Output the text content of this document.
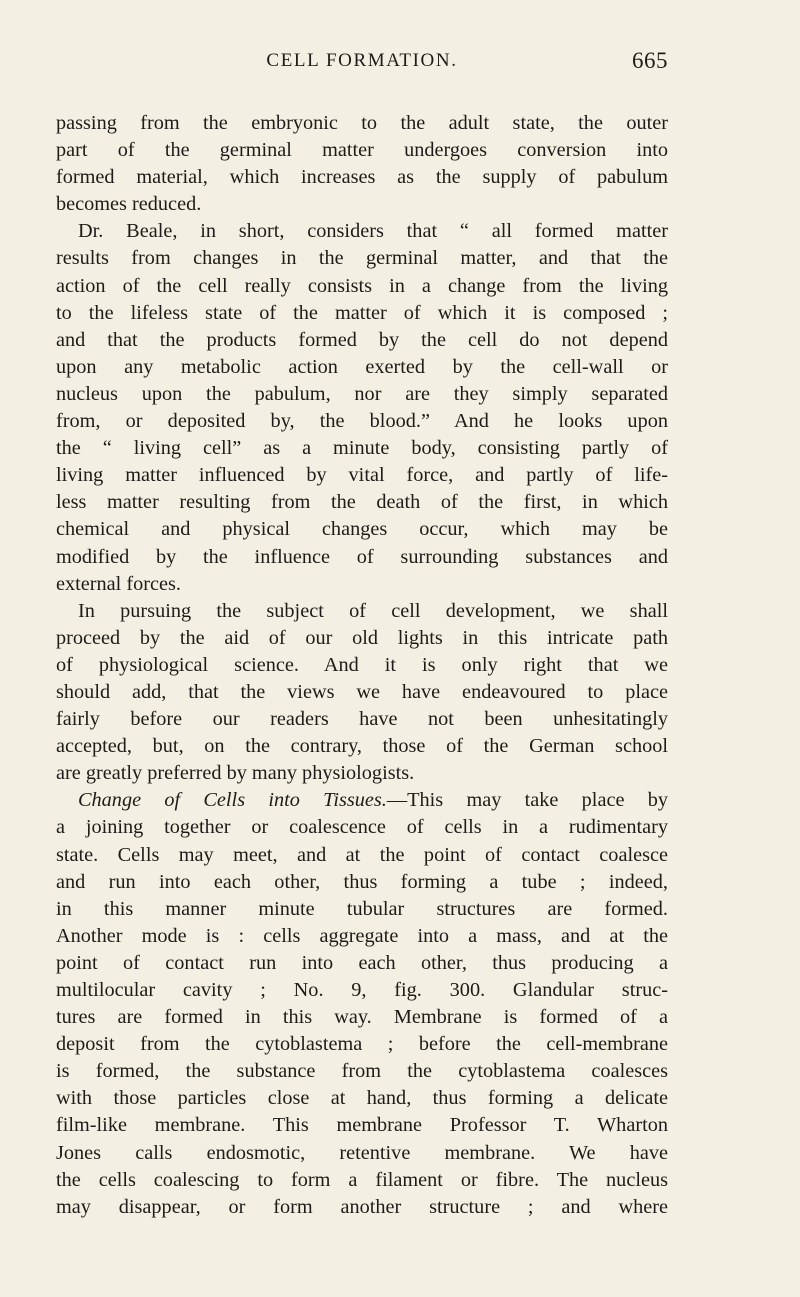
CELL FORMATION.	665
passing from the embryonic to the adult state, the outer
part of the germinal matter undergoes conversion into
formed material, which increases as the supply of pabulum
becomes reduced.
Dr. Beale, in short, considers that “ all formed matter
results from changes in the germinal matter, and that the
action of the cell really consists in a change from the living
to the lifeless state of the matter of which it is composed ;
and that the products formed by the cell do not depend
upon any metabolic action exerted by the cell-wall or
nucleus upon the pabulum, nor are they simply separated
from, or deposited by, the blood.” And he looks upon
the “ living cell” as a minute body, consisting partly of
living matter influenced by vital force, and partly of life-
less matter resulting from the death of the first, in which
chemical and physical changes occur, which may be
modified by the influence of surrounding substances and
external forces.
In pursuing the subject of cell development, we shall
proceed by the aid of our old lights in this intricate path
of physiological science. And it is only right that we
should add, that the views we have endeavoured to place
fairly before our readers have not been unhesitatingly
accepted, but, on the contrary, those of the German school
are greatly preferred by many physiologists.
Change of Cells into Tissues.—This may take place by
a joining together or coalescence of cells in a rudimentary
state. Cells may meet, and at the point of contact coalesce
and run into each other, thus forming a tube ; indeed,
in this manner minute tubular structures are formed.
Another mode is : cells aggregate into a mass, and at the
point of contact run into each other, thus producing a
multilocular cavity ; No. 9, fig. 300. Glandular struc-
tures are formed in this way. Membrane is formed of a
deposit from the cytoblastema ; before the cell-membrane
is formed, the substance from the cytoblastema coalesces
with those particles close at hand, thus forming a delicate
film-like membrane. This membrane Professor T. Wharton
Jones calls endosmotic, retentive membrane. We have
the cells coalescing to form a filament or fibre. The nucleus
may disappear, or form another structure ; and where
